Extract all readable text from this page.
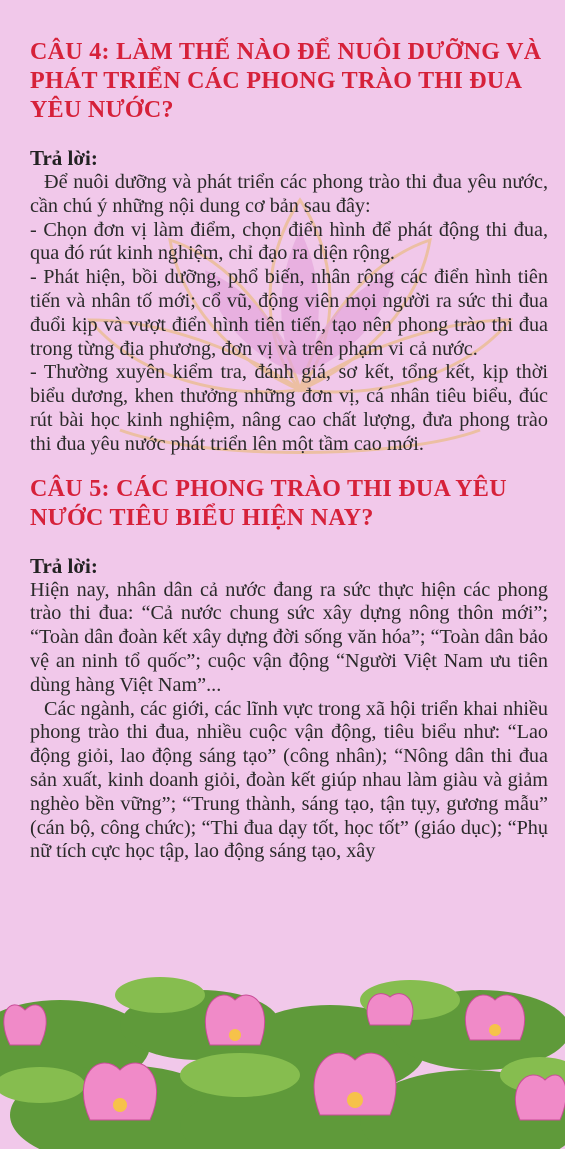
CÂU 4: LÀM THẾ NÀO ĐỂ NUÔI DƯỠNG VÀ PHÁT TRIỂN CÁC PHONG TRÀO THI ĐUA YÊU NƯỚC?
Trả lời:

Để nuôi dưỡng và phát triển các phong trào thi đua yêu nước, cần chú ý những nội dung cơ bản sau đây:

- Chọn đơn vị làm điểm, chọn điển hình để phát động thi đua, qua đó rút kinh nghiệm, chỉ đạo ra diện rộng.

- Phát hiện, bồi dưỡng, phổ biến, nhân rộng các điển hình tiên tiến và nhân tố mới; cổ vũ, động viên mọi người ra sức thi đua đuổi kịp và vượt điển hình tiên tiến, tạo nên phong trào thi đua trong từng địa phương, đơn vị và trên phạm vi cả nước.

- Thường xuyên kiểm tra, đánh giá, sơ kết, tổng kết, kịp thời biểu dương, khen thưởng những đơn vị, cá nhân tiêu biểu, đúc rút bài học kinh nghiệm, nâng cao chất lượng, đưa phong trào thi đua yêu nước phát triển lên một tầm cao mới.

CÂU 5: CÁC PHONG TRÀO THI ĐUA YÊU NƯỚC TIÊU BIỂU HIỆN NAY?
Trả lời:

Hiện nay, nhân dân cả nước đang ra sức thực hiện các phong trào thi đua: “Cả nước chung sức xây dựng nông thôn mới”; “Toàn dân đoàn kết xây dựng đời sống văn hóa”; “Toàn dân bảo vệ an ninh tổ quốc”; cuộc vận động “Người Việt Nam ưu tiên dùng hàng Việt Nam”...

Các ngành, các giới, các lĩnh vực trong xã hội triển khai nhiều phong trào thi đua, nhiều cuộc vận động, tiêu biểu như: “Lao động giỏi, lao động sáng tạo” (công nhân); “Nông dân thi đua sản xuất, kinh doanh giỏi, đoàn kết giúp nhau làm giàu và giảm nghèo bền vững”; “Trung thành, sáng tạo, tận tụy, gương mẫu” (cán bộ, công chức); “Thi đua dạy tốt, học tốt” (giáo dục); “Phụ nữ tích cực học tập, lao động sáng tạo, xây
